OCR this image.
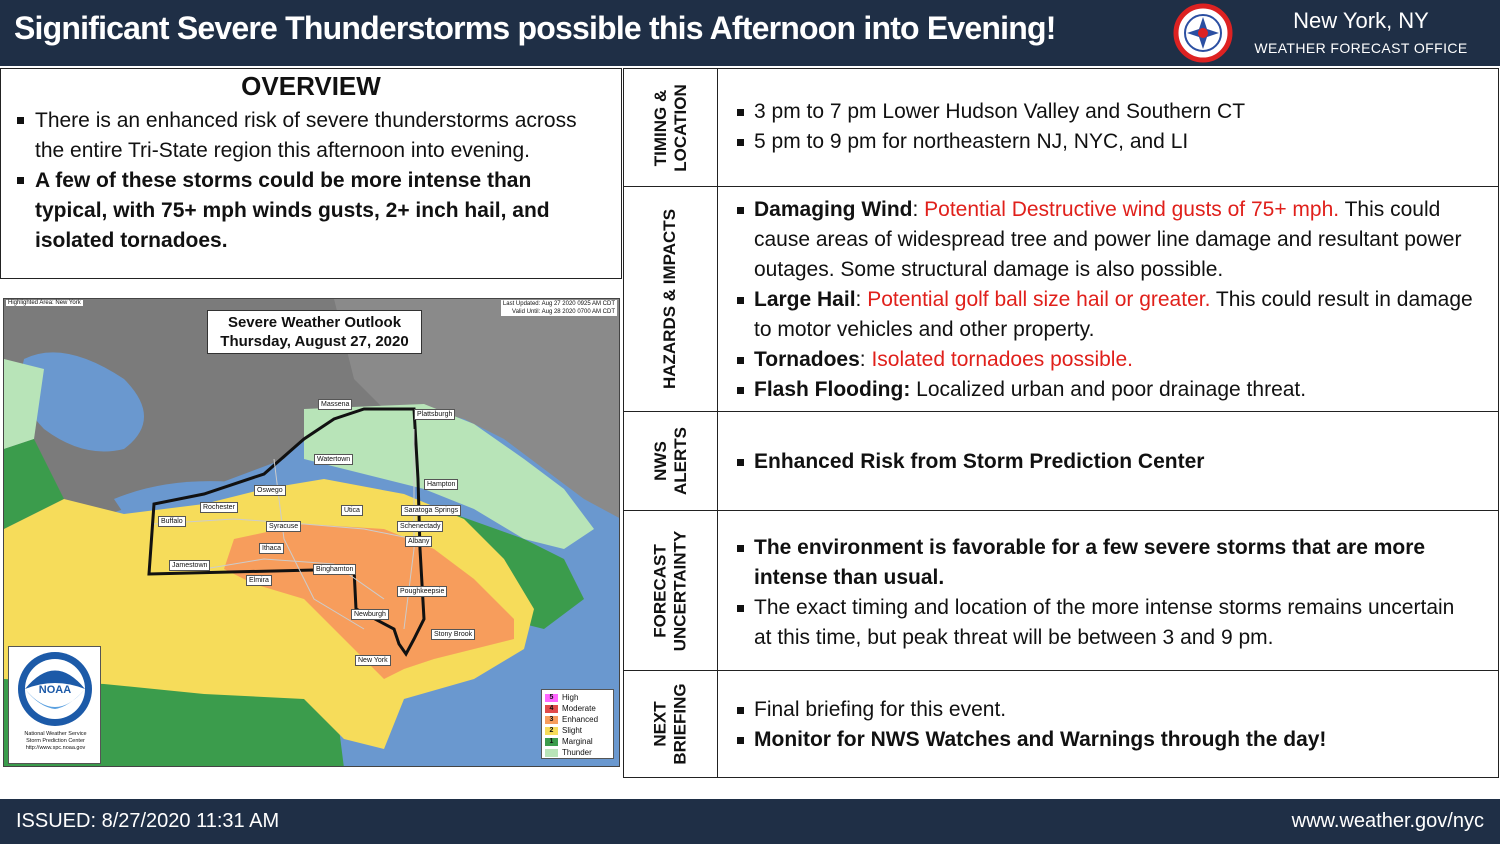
Significant Severe Thunderstorms possible this Afternoon into Evening!	New York, NY
WEATHER FORECAST OFFICE
OVERVIEW
There is an enhanced risk of severe thunderstorms across the entire Tri-State region this afternoon into evening.
A few of these storms could be more intense than typical, with 75+ mph winds gusts, 2+ inch hail, and isolated tornadoes.
Highlighted Area: New York	Last Updated: Aug 27 2020 0925 AM CDT
Valid Until: Aug 28 2020 0700 AM CDT
Severe Weather Outlook
Thursday, August 27, 2020
Massena
Plattsburgh
Watertown
Hampton
Oswego
Rochester
Buffalo
Syracuse
Utica	Saratoga Springs
Schenectady
Albany
Ithaca
Jamestown
Elmira
Binghamton
Poughkeepsie
Newburgh
Stony Brook
New York
NOAA
National Weather Service
Storm Prediction Center
http://www.spc.noaa.gov
5	High
4	Moderate
3	Enhanced
2	Slight
1	Marginal
Thunder
TIMING &
LOCATION	3 pm to 7 pm Lower Hudson Valley and Southern CT
5 pm to 9 pm for northeastern NJ, NYC, and LI
HAZARDS & IMPACTS	Damaging Wind: Potential Destructive wind gusts of 75+ mph. This could cause areas of widespread tree and power line damage and resultant power outages. Some structural damage is also possible.
Large Hail: Potential golf ball size hail or greater. This could result in damage to motor vehicles and other property.
Tornadoes: Isolated tornadoes possible.
Flash Flooding: Localized urban and poor drainage threat.
NWS
ALERTS	Enhanced Risk from Storm Prediction Center
FORECAST
UNCERTAINTY	The environment is favorable for a few severe storms that are more intense than usual.
The exact timing and location of the more intense storms remains uncertain at this time, but peak threat will be between 3 and 9 pm.
NEXT
BRIEFING	Final briefing for this event.
Monitor for NWS Watches and Warnings through the day!
ISSUED: 8/27/2020 11:31 AM	www.weather.gov/nyc
